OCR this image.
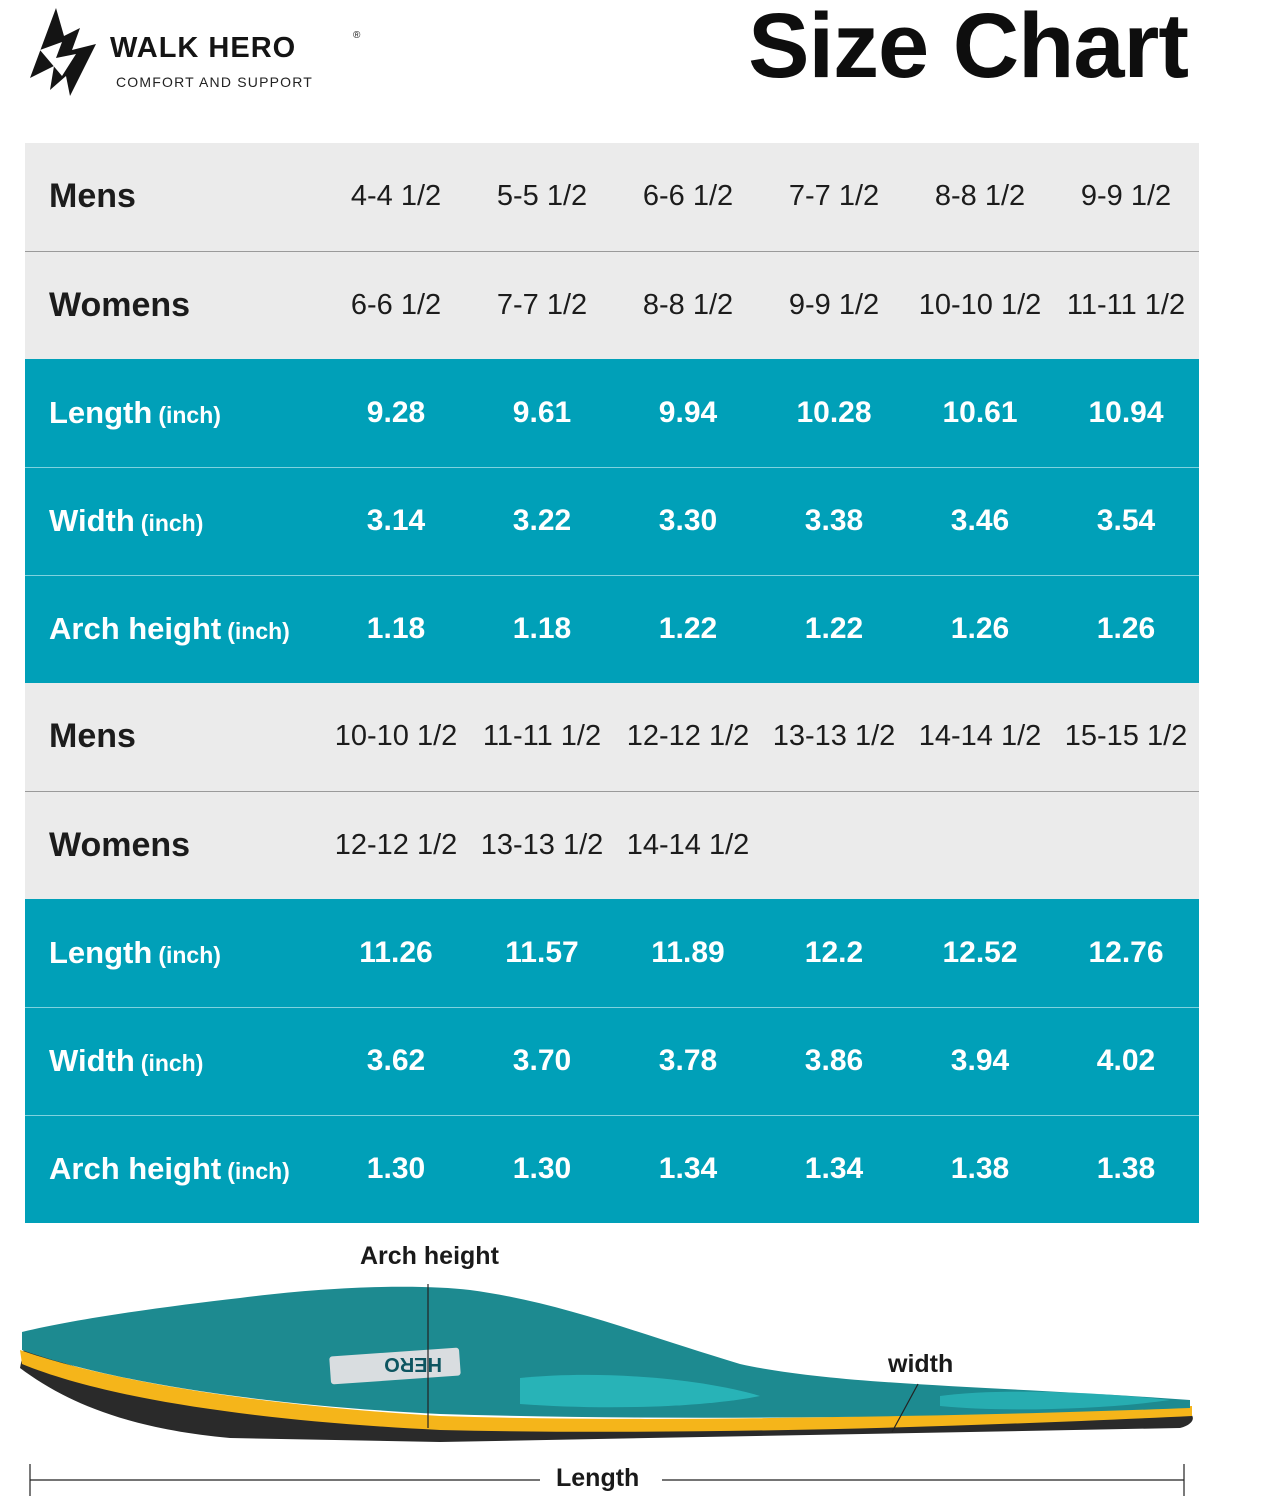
WALK HERO	®
COMFORT AND SUPPORT	Size Chart
Mens	4-4 1/2	5-5 1/2	6-6 1/2	7-7 1/2	8-8 1/2	9-9 1/2
Womens	6-6 1/2	7-7 1/2	8-8 1/2	9-9 1/2	10-10 1/2	11-11 1/2
Length (inch)	9.28	9.61	9.94	10.28	10.61	10.94
Width (inch)	3.14	3.22	3.30	3.38	3.46	3.54
Arch height (inch)	1.18	1.18	1.22	1.22	1.26	1.26
Mens	10-10 1/2	11-11 1/2	12-12 1/2	13-13 1/2	14-14 1/2	15-15 1/2
Womens	12-12 1/2	13-13 1/2	14-14 1/2			
Length (inch)	11.26	11.57	11.89	12.2	12.52	12.76
Width (inch)	3.62	3.70	3.78	3.86	3.94	4.02
Arch height (inch)	1.30	1.30	1.34	1.34	1.38	1.38
HERO
Arch height
width
Length
